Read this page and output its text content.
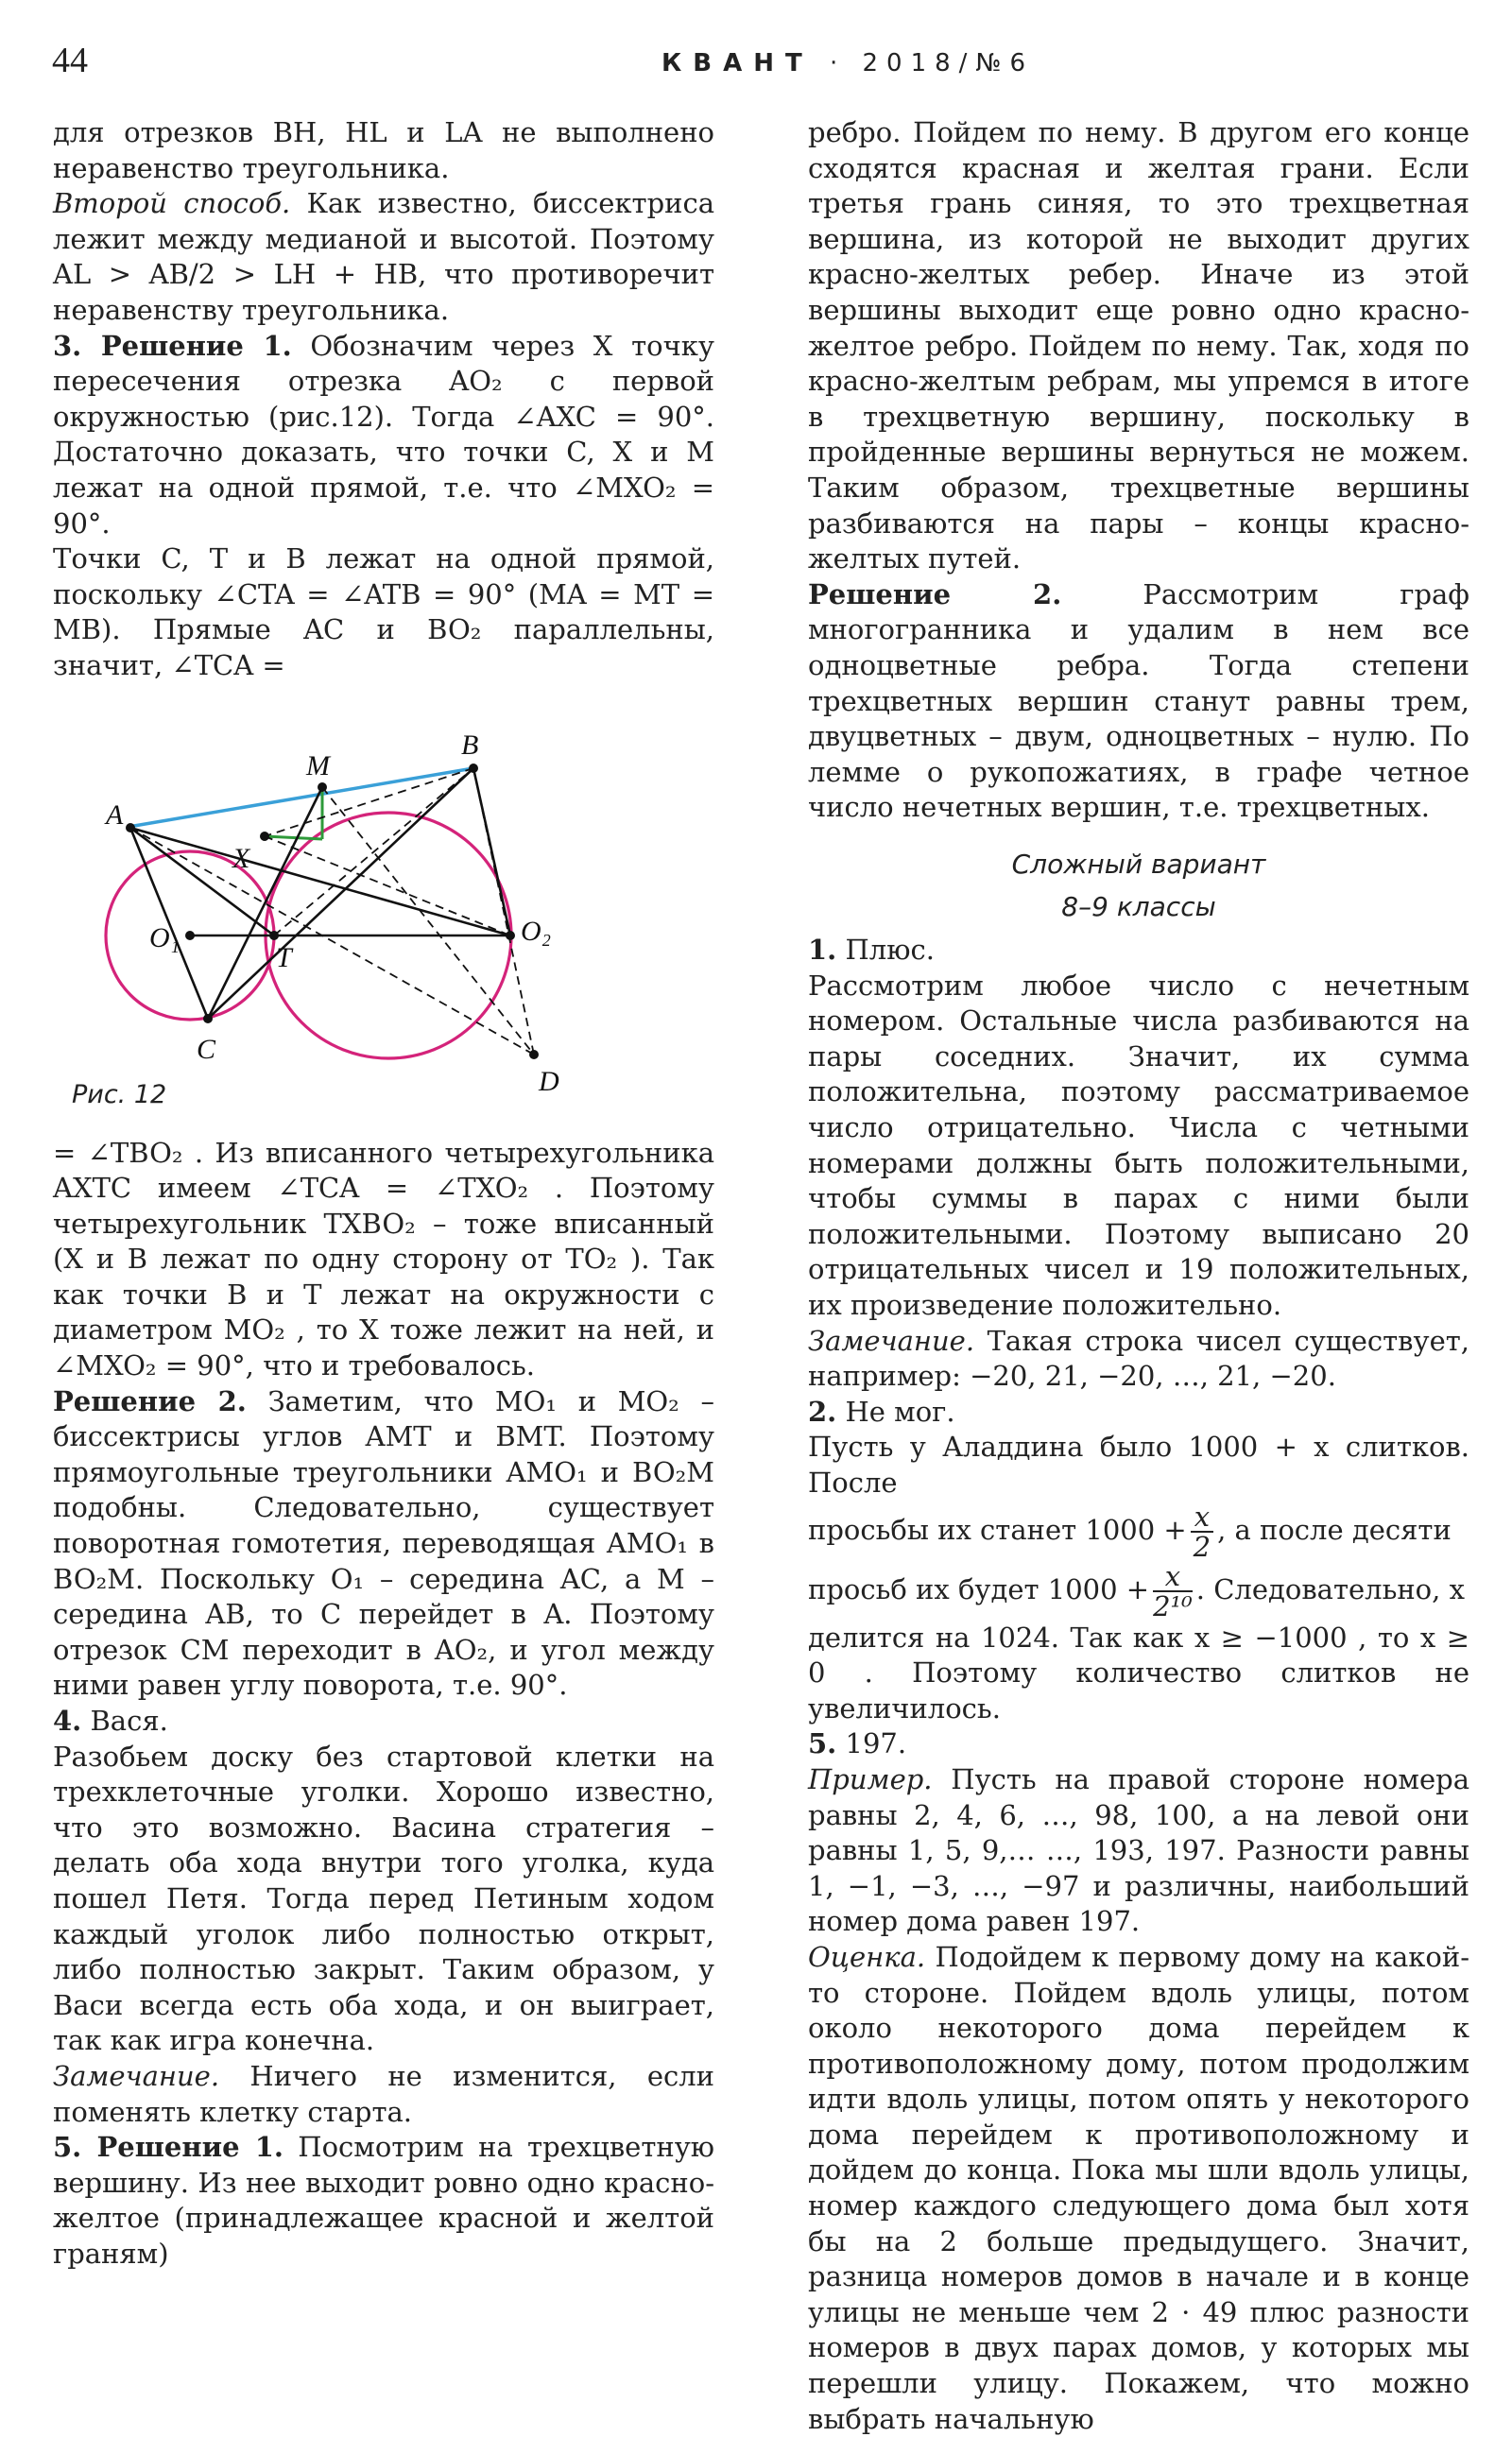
44	КВАНТ · 2018/№6

для отрезков BH, HL и LA не выполнено неравенство треугольника.

Второй способ. Как известно, биссектриса лежит между медианой и высотой. Поэтому AL > AB/2 > LH + HB, что противоречит неравенству треугольника.

3. Решение 1. Обозначим через X точку пересечения отрезка AO₂ с первой окружностью (рис.12). Тогда ∠AXC = 90°. Достаточно доказать, что точки C, X и M лежат на одной прямой, т.е. что ∠MXO₂ = 90°.

Точки C, T и B лежат на одной прямой, поскольку ∠CTA = ∠ATB = 90° (MA = MT = MB). Прямые AC и BO₂ параллельны, значит, ∠TCA =

A
B
M
X
O₁	O₂
T
C
D
Рис. 12

= ∠TBO₂ . Из вписанного четырехугольника AXTC имеем ∠TCA = ∠TXO₂ . Поэтому четырехугольник TXBO₂ – тоже вписанный (X и B лежат по одну сторону от TO₂ ). Так как точки B и T лежат на окружности с диаметром MO₂ , то X тоже лежит на ней, и ∠MXO₂ = 90°, что и требовалось.

Решение 2. Заметим, что MO₁ и MO₂ – биссектрисы углов AMT и BMT. Поэтому прямоугольные треугольники AMO₁ и BO₂M подобны. Следовательно, существует поворотная гомотетия, переводящая AMO₁ в BO₂M. Поскольку O₁ – середина AC, а M – середина AB, то C перейдет в A. Поэтому отрезок CM переходит в AO₂, и угол между ними равен углу поворота, т.е. 90°.

4. Вася.

Разобьем доску без стартовой клетки на трехклеточные уголки. Хорошо известно, что это возможно. Васина стратегия – делать оба хода внутри того уголка, куда пошел Петя. Тогда перед Петиным ходом каждый уголок либо полностью открыт, либо полностью закрыт. Таким образом, у Васи всегда есть оба хода, и он выиграет, так как игра конечна.

Замечание. Ничего не изменится, если поменять клетку старта.

5. Решение 1. Посмотрим на трехцветную вершину. Из нее выходит ровно одно красно-желтое (принадлежащее красной и желтой граням)

ребро. Пойдем по нему. В другом его конце сходятся красная и желтая грани. Если третья грань синяя, то это трехцветная вершина, из которой не выходит других красно-желтых ребер. Иначе из этой вершины выходит еще ровно одно красно-желтое ребро. Пойдем по нему. Так, ходя по красно-желтым ребрам, мы упремся в итоге в трехцветную вершину, поскольку в пройденные вершины вернуться не можем. Таким образом, трехцветные вершины разбиваются на пары – концы красно-желтых путей.

Решение 2. Рассмотрим граф многогранника и удалим в нем все одноцветные ребра. Тогда степени трехцветных вершин станут равны трем, двуцветных – двум, одноцветных – нулю. По лемме о рукопожатиях, в графе четное число нечетных вершин, т.е. трехцветных.

Сложный вариант
8–9 классы

1. Плюс.

Рассмотрим любое число с нечетным номером. Остальные числа разбиваются на пары соседних. Значит, их сумма положительна, поэтому рассматриваемое число отрицательно. Числа с четными номерами должны быть положительными, чтобы суммы в парах с ними были положительными. Поэтому выписано 20 отрицательных чисел и 19 положительных, их произведение положительно.

Замечание. Такая строка чисел существует, например: −20, 21, −20, …, 21, −20.

2. Не мог.

Пусть у Аладдина было 1000 + x слитков. После

просьбы их станет $1000 + \frac{x}{2}$ , а после десяти

просьб их будет $1000 + \frac{x}{\text{2¹⁰}}$ . Следовательно, x

делится на 1024. Так как x ≥ −1000 , то x ≥ 0 . Поэтому количество слитков не увеличилось.

5. 197.

Пример. Пусть на правой стороне номера равны 2, 4, 6, …, 98, 100, а на левой они равны 1, 5, 9,… …, 193, 197. Разности равны 1, −1, −3, …, −97 и различны, наибольший номер дома равен 197.

Оценка. Подойдем к первому дому на какой-то стороне. Пойдем вдоль улицы, потом около некоторого дома перейдем к противоположному дому, потом продолжим идти вдоль улицы, потом опять у некоторого дома перейдем к противоположному и дойдем до конца. Пока мы шли вдоль улицы, номер каждого следующего дома был хотя бы на 2 больше предыдущего. Значит, разница номеров домов в начале и в конце улицы не меньше чем 2 · 49 плюс разности номеров в двух парах домов, у которых мы перешли улицу. Покажем, что можно выбрать начальную
